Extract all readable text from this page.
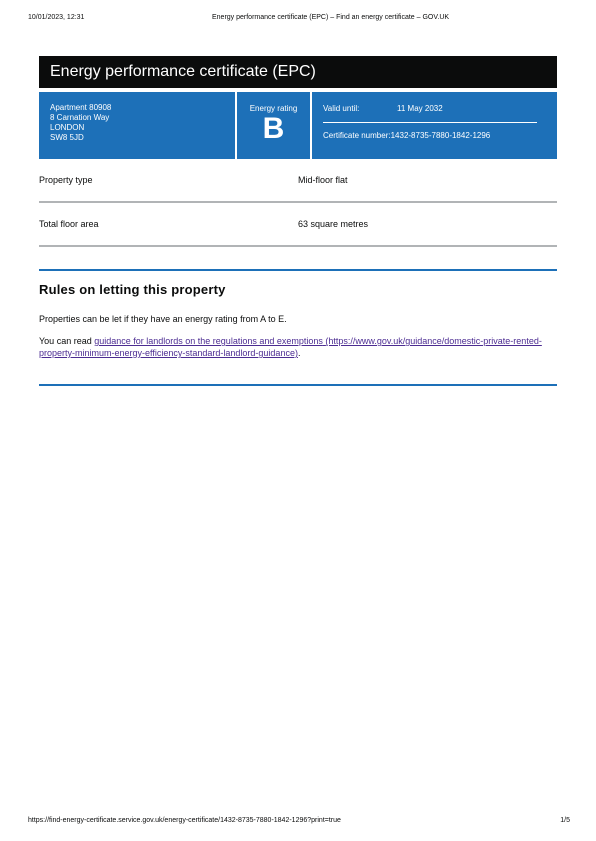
10/01/2023, 12:31	Energy performance certificate (EPC) – Find an energy certificate – GOV.UK
Energy performance certificate (EPC)
Apartment 80908
8 Carnation Way
LONDON
SW8 5JD
Energy rating
B
Valid until:	11 May 2032
Certificate number: 1432-8735-7880-1842-1296
Property type	Mid-floor flat
Total floor area	63 square metres
Rules on letting this property

Properties can be let if they have an energy rating from A to E.

You can read guidance for landlords on the regulations and exemptions (https://www.gov.uk/guidance/domestic-private-rented-property-minimum-energy-efficiency-standard-landlord-guidance).

https://find-energy-certificate.service.gov.uk/energy-certificate/1432-8735-7880-1842-1296?print=true	1/5
